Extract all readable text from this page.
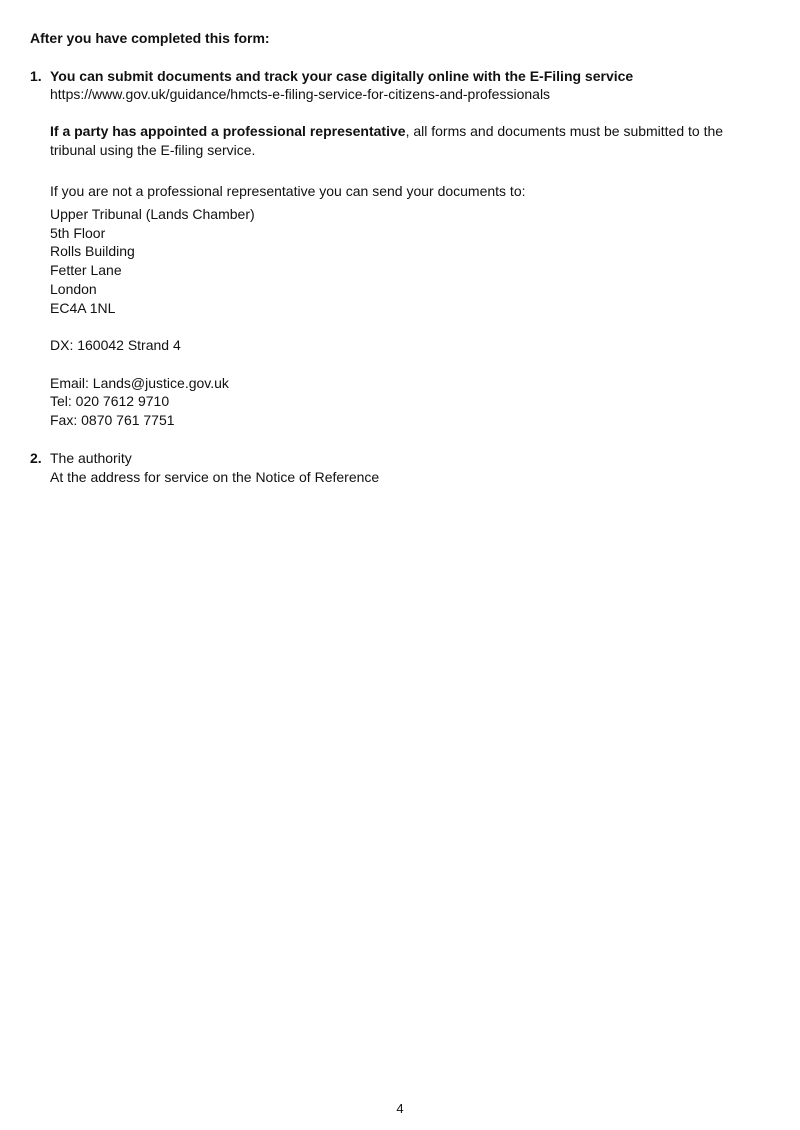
After you have completed this form:
1. You can submit documents and track your case digitally online with the E-Filing service
https://www.gov.uk/guidance/hmcts-e-filing-service-for-citizens-and-professionals
If a party has appointed a professional representative, all forms and documents must be submitted to the tribunal using the E-filing service.
If you are not a professional representative you can send your documents to:
Upper Tribunal (Lands Chamber)
5th Floor
Rolls Building
Fetter Lane
London
EC4A 1NL
DX: 160042 Strand 4
Email: Lands@justice.gov.uk
Tel: 020 7612 9710
Fax: 0870 761 7751
2. The authority
At the address for service on the Notice of Reference
4
